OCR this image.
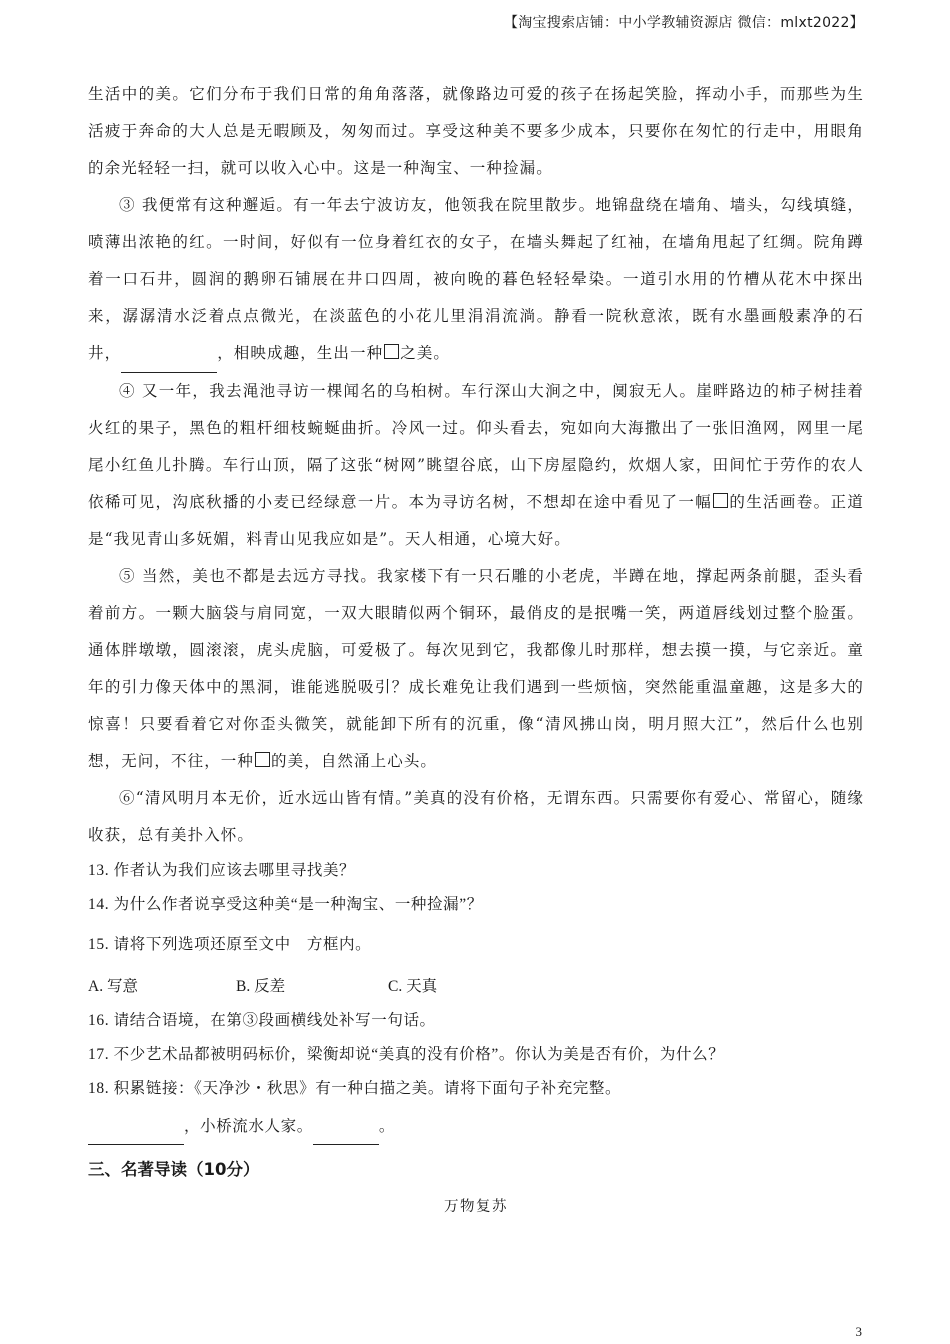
【淘宝搜索店铺：中小学教辅资源店 微信：mlxt2022】

生活中的美。它们分布于我们日常的角角落落，就像路边可爱的孩子在扬起笑脸，挥动小手，而那些为生活疲于奔命的大人总是无暇顾及，匆匆而过。享受这种美不要多少成本，只要你在匆忙的行走中，用眼角的余光轻轻一扫，就可以收入心中。这是一种淘宝、一种捡漏。

③ 我便常有这种邂逅。有一年去宁波访友，他领我在院里散步。地锦盘绕在墙角、墙头，勾线填缝，喷薄出浓艳的红。一时间，好似有一位身着红衣的女子，在墙头舞起了红袖，在墙角甩起了红绸。院角蹲着一口石井，圆润的鹅卵石铺展在井口四周，被向晚的暮色轻轻晕染。一道引水用的竹槽从花木中探出来，潺潺清水泛着点点微光，在淡蓝色的小花儿里涓涓流淌。静看一院秋意浓，既有水墨画般素净的石井，	，相映成趣，生出一种 之美。

④ 又一年，我去渑池寻访一棵闻名的乌桕树。车行深山大涧之中，阒寂无人。崖畔路边的柿子树挂着火红的果子，黑色的粗杆细枝蜿蜒曲折。冷风一过。仰头看去，宛如向大海撒出了一张旧渔网，网里一尾尾小红鱼儿扑腾。车行山顶，隔了这张“树网”眺望谷底，山下房屋隐约，炊烟人家，田间忙于劳作的农人依稀可见，沟底秋播的小麦已经绿意一片。本为寻访名树，不想却在途中看见了一幅 的生活画卷。正道是“我见青山多妩媚，料青山见我应如是”。天人相通，心境大好。

⑤ 当然，美也不都是去远方寻找。我家楼下有一只石雕的小老虎，半蹲在地，撑起两条前腿，歪头看着前方。一颗大脑袋与肩同宽，一双大眼睛似两个铜环，最俏皮的是抿嘴一笑，两道唇线划过整个脸蛋。通体胖墩墩，圆滚滚，虎头虎脑，可爱极了。每次见到它，我都像儿时那样，想去摸一摸，与它亲近。童年的引力像天体中的黑洞，谁能逃脱吸引？成长难免让我们遇到一些烦恼，突然能重温童趣，这是多大的惊喜！只要看着它对你歪头微笑，就能卸下所有的沉重，像“清风拂山岗，明月照大江”，然后什么也别想，无问，不往，一种 的美，自然涌上心头。

⑥“清风明月本无价，近水远山皆有情。”美真的没有价格，无谓东西。只需要你有爱心、常留心，随缘收获，总有美扑入怀。

13. 作者认为我们应该去哪里寻找美？

14. 为什么作者说享受这种美“是一种淘宝、一种捡漏”？

15. 请将下列选项还原至文中　方框内。

A. 写意	B. 反差	C. 天真

16. 请结合语境，在第③段画横线处补写一句话。

17. 不少艺术品都被明码标价，梁衡却说“美真的没有价格”。你认为美是否有价，为什么？

18. 积累链接：《天净沙・秋思》有一种白描之美。请将下面句子补充完整。

，小桥流水人家。	。

三、名著导读（10分）
万物复苏
3
